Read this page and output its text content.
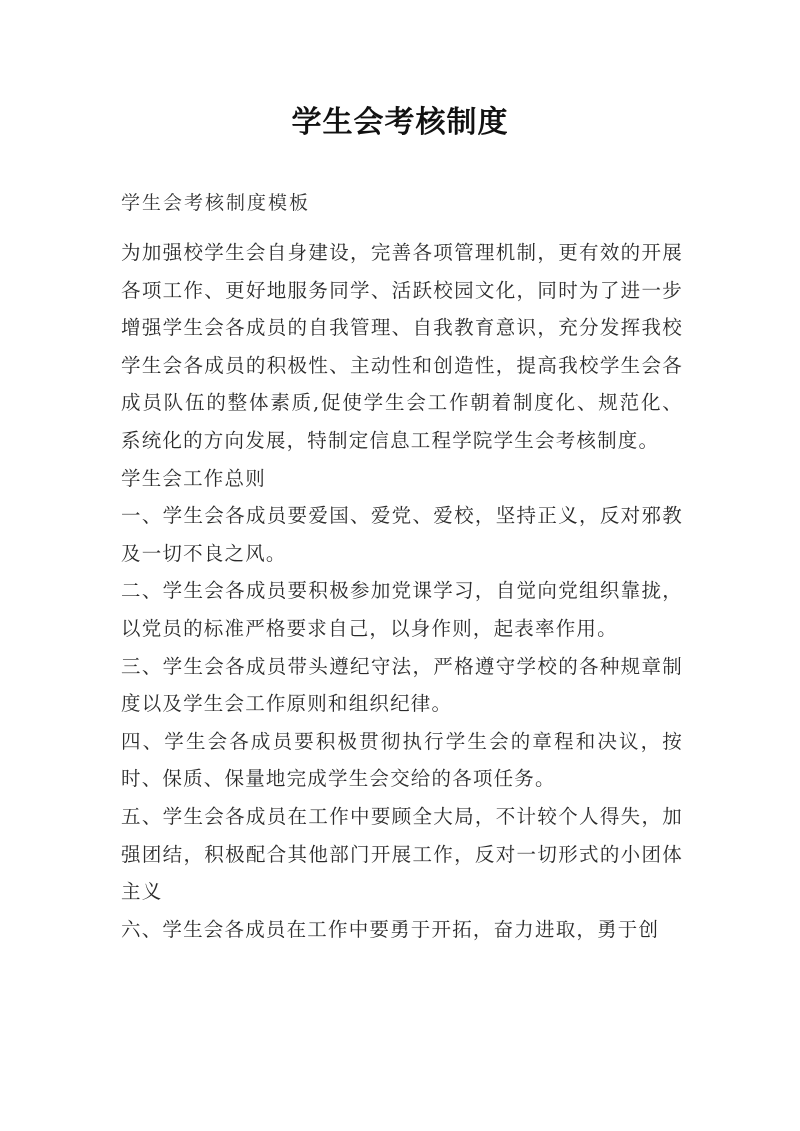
学生会考核制度
学生会考核制度模板

为加强校学生会自身建设，完善各项管理机制，更有效的开展各项工作、更好地服务同学、活跃校园文化，同时为了进一步增强学生会各成员的自我管理、自我教育意识，充分发挥我校学生会各成员的积极性、主动性和创造性，提高我校学生会各成员队伍的整体素质,促使学生会工作朝着制度化、规范化、系统化的方向发展，特制定信息工程学院学生会考核制度。

学生会工作总则

一、学生会各成员要爱国、爱党、爱校，坚持正义，反对邪教及一切不良之风。

二、学生会各成员要积极参加党课学习，自觉向党组织靠拢，以党员的标准严格要求自己，以身作则，起表率作用。

三、学生会各成员带头遵纪守法，严格遵守学校的各种规章制度以及学生会工作原则和组织纪律。

四、学生会各成员要积极贯彻执行学生会的章程和决议，按时、保质、保量地完成学生会交给的各项任务。

五、学生会各成员在工作中要顾全大局，不计较个人得失，加强团结，积极配合其他部门开展工作，反对一切形式的小团体主义

六、学生会各成员在工作中要勇于开拓，奋力进取，勇于创
